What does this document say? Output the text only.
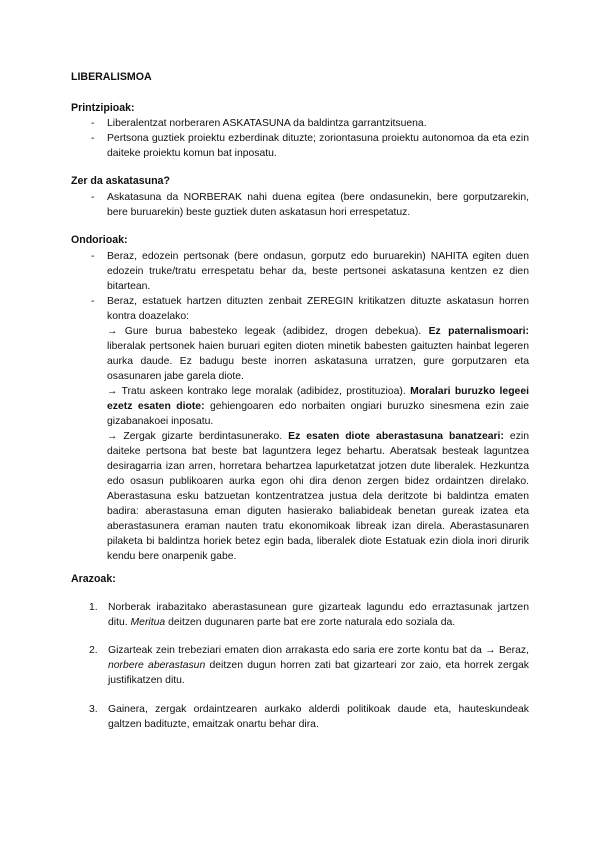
LIBERALISMOA
Printzipioak:
- Liberalentzat norberaren ASKATASUNA da baldintza garrantzitsuena.
- Pertsona guztiek proiektu ezberdinak dituzte; zoriontasuna proiektu autonomoa da eta ezin daiteke proiektu komun bat inposatu.
Zer da askatasuna?
- Askatasuna da NORBERAK nahi duena egitea (bere ondasunekin, bere gorputzarekin, bere buruarekin) beste guztiek duten askatasun hori errespetatuz.
Ondorioak:
- Beraz, edozein pertsonak (bere ondasun, gorputz edo buruarekin) NAHITA egiten duen edozein truke/tratu errespetatu behar da, beste pertsonei askatasuna kentzen ez dien bitartean.
- Beraz, estatuek hartzen dituzten zenbait ZEREGIN kritikatzen dituzte askatasun horren kontra doazelako:
→ Gure burua babesteko legeak (adibidez, drogen debekua). Ez paternalismoari: liberalak pertsonek haien buruari egiten dioten minetik babesten gaituzten hainbat legeren aurka daude. Ez badugu beste inorren askatasuna urratzen, gure gorputzaren eta osasunaren jabe garela diote.
→ Tratu askeen kontrako lege moralak (adibidez, prostituzioa). Moralari buruzko legeei ezetz esaten diote: gehiengoaren edo norbaiten ongiari buruzko sinesmena ezin zaie gizabanakoei inposatu.
→ Zergak gizarte berdintasunerako. Ez esaten diote aberastasuna banatzeari: ezin daiteke pertsona bat beste bat laguntzera legez behartu. Aberatsak besteak laguntzea desiragarria izan arren, horretara behartzea lapurketatzat jotzen dute liberalek. Hezkuntza edo osasun publikoaren aurka egon ohi dira denon zergen bidez ordaintzen direlako. Aberastasuna esku batzuetan kontzentratzea justua dela deritzote bi baldintza ematen badira: aberastasuna eman diguten hasierako baliabideak benetan gureak izatea eta aberastasunera eraman nauten tratu ekonomikoak libreak izan direla. Aberastasunaren pilaketa bi baldintza horiek betez egin bada, liberalek diote Estatuak ezin diola inori dirurik kendu bere onarpenik gabe.
Arazoak:
1. Norberak irabazitako aberastasunean gure gizarteak lagundu edo erraztasunak jartzen ditu. Meritua deitzen dugunaren parte bat ere zorte naturala edo soziala da.
2. Gizarteak zein trebeziari ematen dion arrakasta edo saria ere zorte kontu bat da → Beraz, norbere aberastasun deitzen dugun horren zati bat gizarteari zor zaio, eta horrek zergak justifikatzen ditu.
3. Gainera, zergak ordaintzearen aurkako alderdi politikoak daude eta, hauteskundeak galtzen badituzte, emaitzak onartu behar dira.
